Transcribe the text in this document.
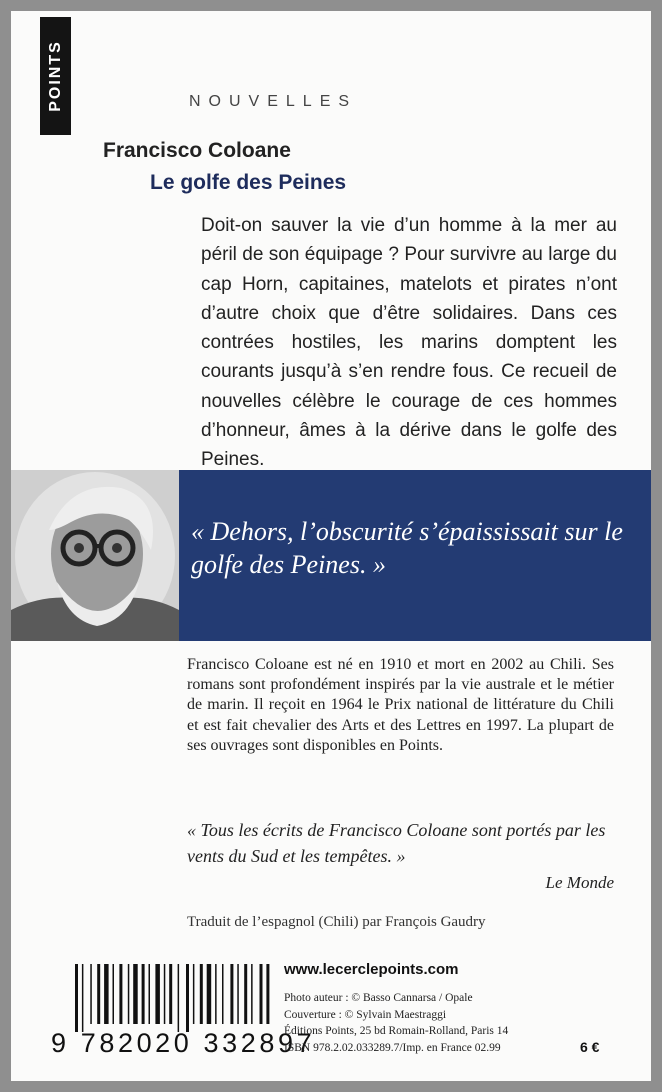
POINTS	NOUVELLES
Francisco Coloane
Le golfe des Peines
Doit-on sauver la vie d’un homme à la mer au péril de son équipage ? Pour survivre au large du cap Horn, capitaines, matelots et pirates n’ont d’autre choix que d’être solidaires. Dans ces contrées hostiles, les marins domptent les courants jusqu’à s’en rendre fous. Ce recueil de nouvelles célèbre le courage de ces hommes d’honneur, âmes à la dérive dans le golfe des Peines.
« Dehors, l’obscurité s’épaississait sur le golfe des Peines. »
Francisco Coloane est né en 1910 et mort en 2002 au Chili. Ses romans sont profondément inspirés par la vie australe et le métier de marin. Il reçoit en 1964 le Prix national de littérature du Chili et est fait chevalier des Arts et des Lettres en 1997. La plupart de ses ouvrages sont disponibles en Points.
« Tous les écrits de Francisco Coloane sont portés par les vents du Sud et les tempêtes. »
Le Monde
Traduit de l’espagnol (Chili) par François Gaudry
9 782020 332897
www.lecerclepoints.com
Photo auteur : © Basso Cannarsa / Opale
Couverture : © Sylvain Maestraggi
Éditions Points, 25 bd Romain-Rolland, Paris 14
ISBN 978.2.02.033289.7/Imp. en France 02.99	6 €
